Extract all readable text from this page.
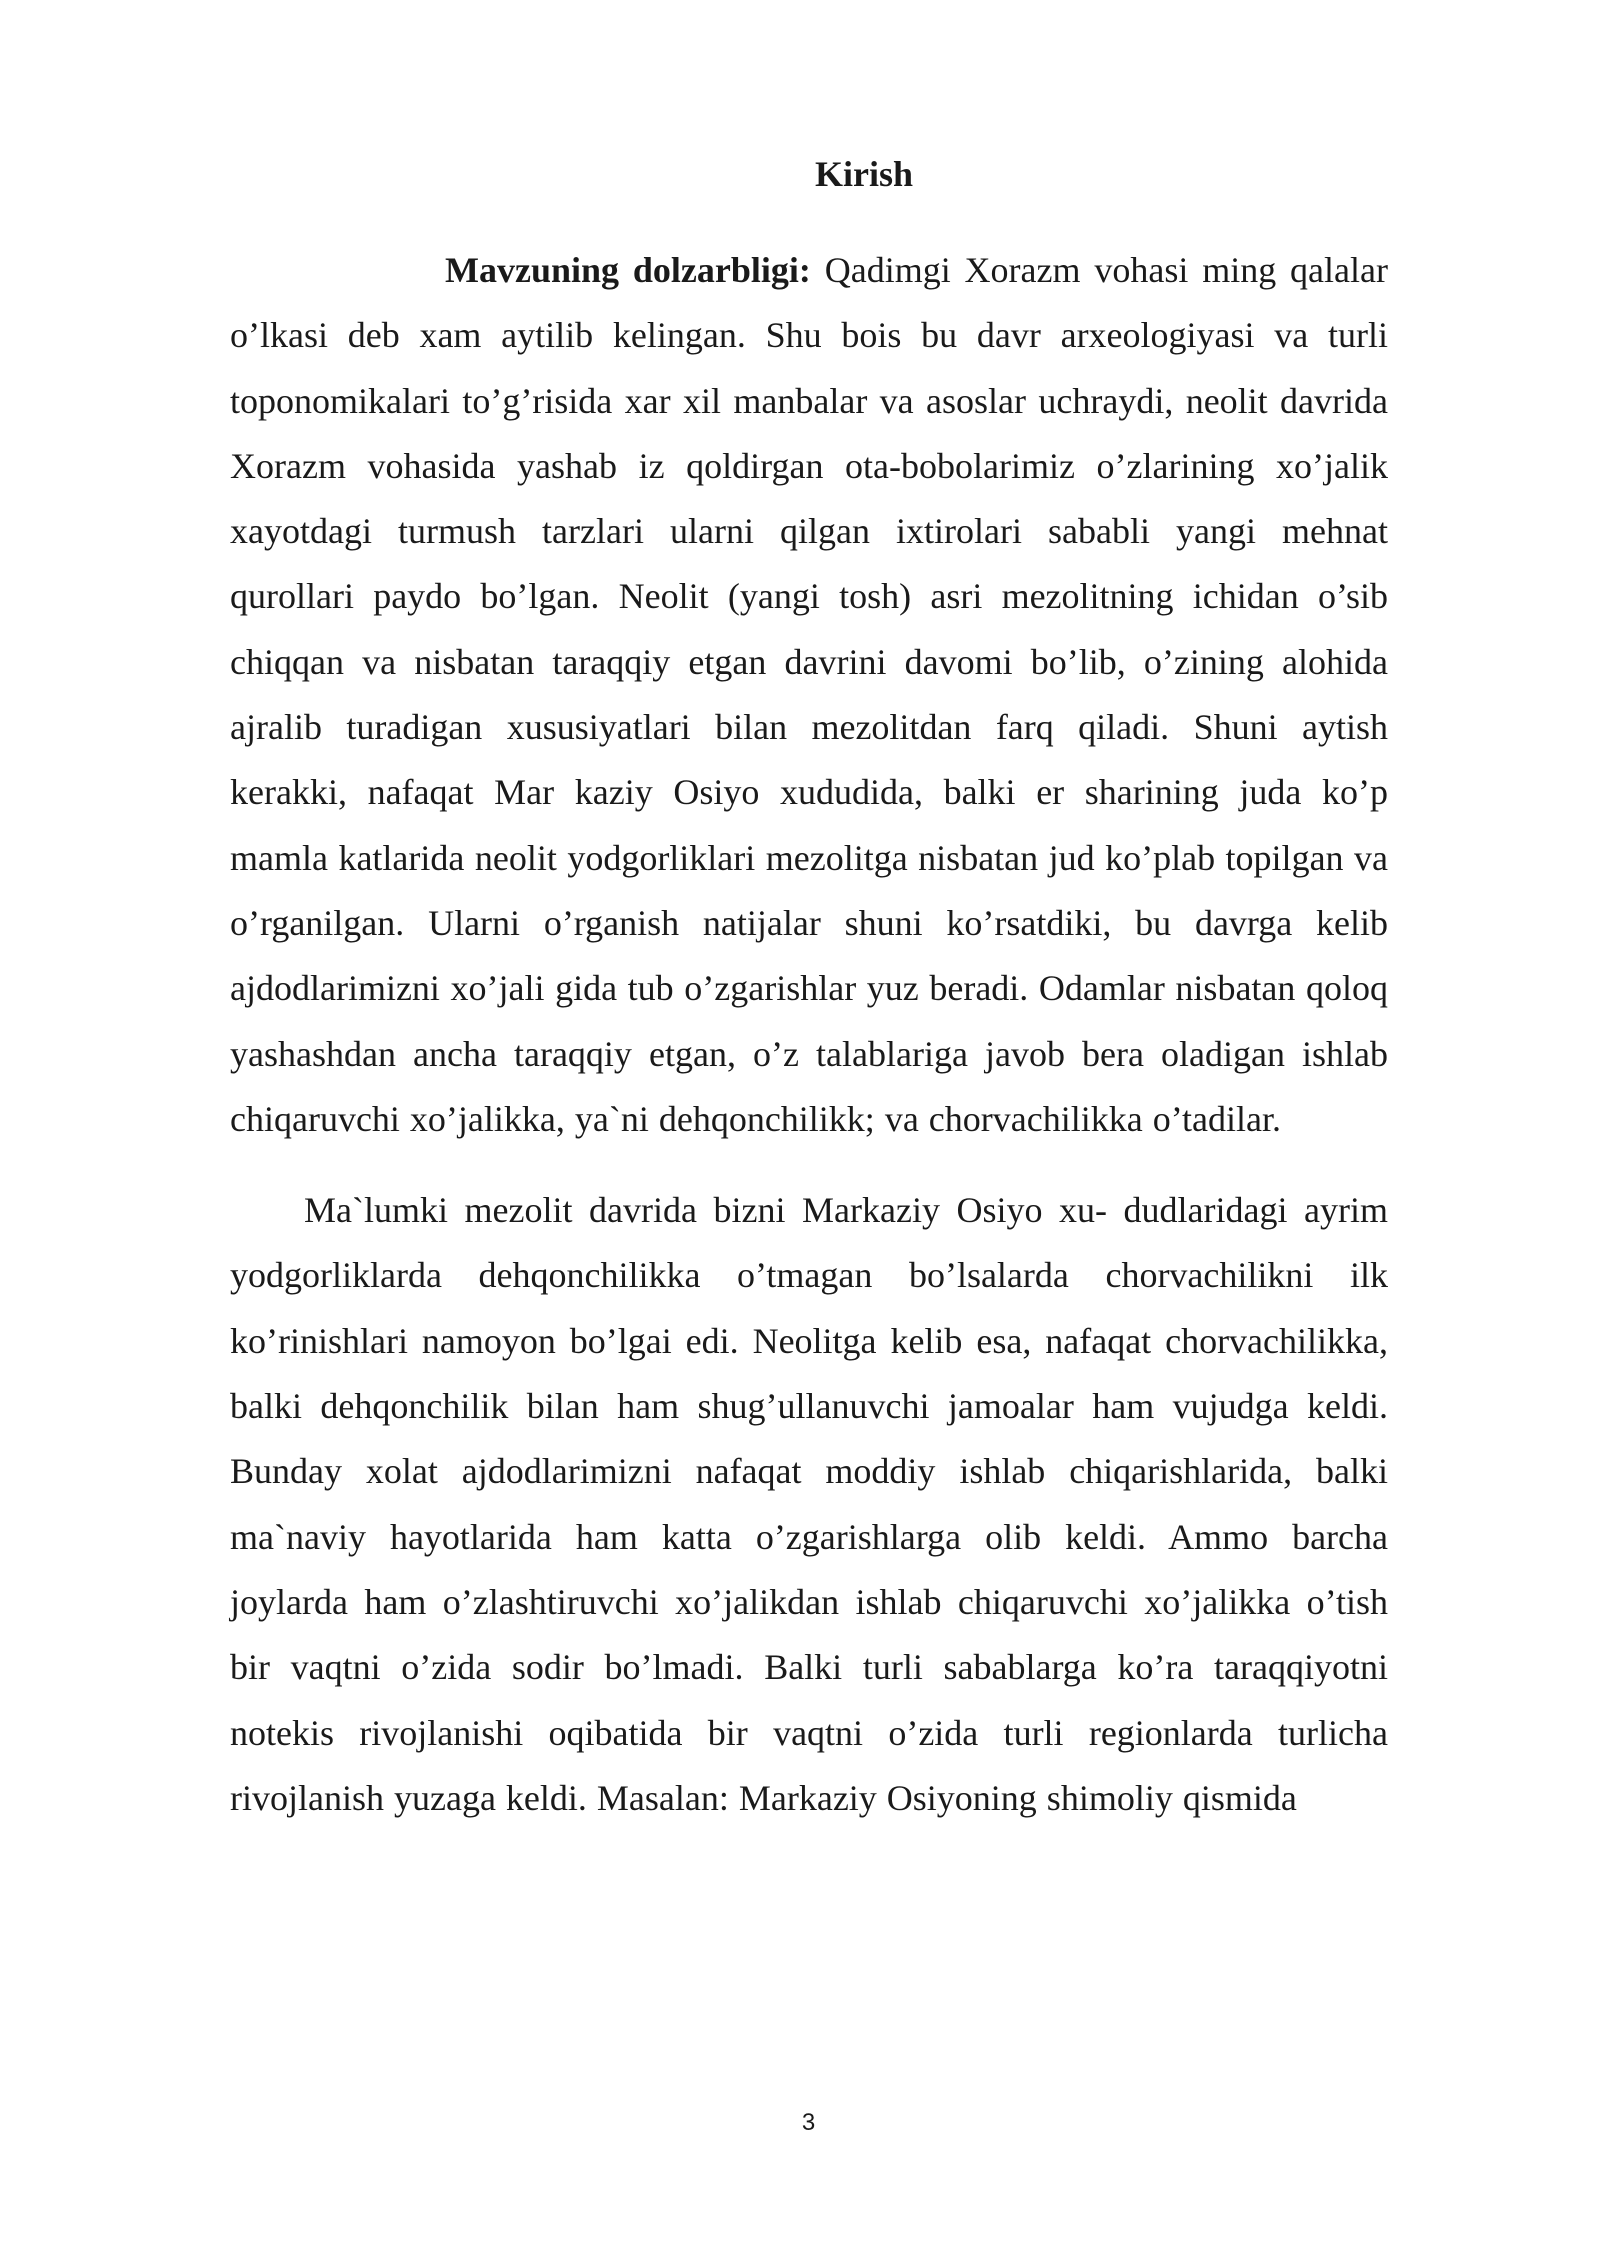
Kirish

Mavzuning dolzarbligi: Qadimgi Xorazm vohasi ming qalalar o’lkasi deb xam aytilib kelingan. Shu bois bu davr arxeologiyasi va turli toponomikalari to’g’risida xar xil manbalar va asoslar uchraydi, neolit davrida Xorazm vohasida yashab iz qoldirgan ota-bobolarimiz o’zlarining xo’jalik xayotdagi turmush tarzlari ularni qilgan ixtirolari sababli yangi mehnat qurollari paydo bo’lgan. Neolit (yangi tosh) asri mezolitning ichidan o’sib chiqqan va nisbatan taraqqiy etgan davrini davomi bo’lib, o’zining alohida ajralib turadigan xususiyatlari bilan mezolitdan farq qiladi. Shuni aytish kerakki, nafaqat Mar kaziy Osiyo xududida, balki er sharining juda ko’p mamla katlarida neolit yodgorliklari mezolitga nisbatan jud ko’plab topilgan va o’rganilgan. Ularni o’rganish natijalar shuni ko’rsatdiki, bu davrga kelib ajdodlarimizni xo’jali gida tub o’zgarishlar yuz beradi. Odamlar nisbatan qoloq yashashdan ancha taraqqiy etgan, o’z talablariga javob bera oladigan ishlab chiqaruvchi xo’jalikka, ya`ni dehqonchilikk; va chorvachilikka o’tadilar.

Ma`lumki mezolit davrida bizni Markaziy Osiyo xu- dudlaridagi ayrim yodgorliklarda dehqonchilikka o’tmagan bo’lsalarda chorvachilikni ilk ko’rinishlari namoyon bo’lgai edi. Neolitga kelib esa, nafaqat chorvachilikka, balki dehqonchilik bilan ham shug’ullanuvchi jamoalar ham vujudga keldi. Bunday xolat ajdodlarimizni nafaqat moddiy ishlab chiqarishlarida, balki ma`naviy hayotlarida ham katta o’zgarishlarga olib keldi. Ammo barcha joylarda ham o’zlashtiruvchi xo’jalikdan ishlab chiqaruvchi xo’jalikka o’tish bir vaqtni o’zida sodir bo’lmadi. Balki turli sabablarga ko’ra taraqqiyotni notekis rivojlanishi oqibatida bir vaqtni o’zida turli regionlarda turlicha rivojlanish yuzaga keldi. Masalan: Markaziy Osiyoning shimoliy qismida

3
